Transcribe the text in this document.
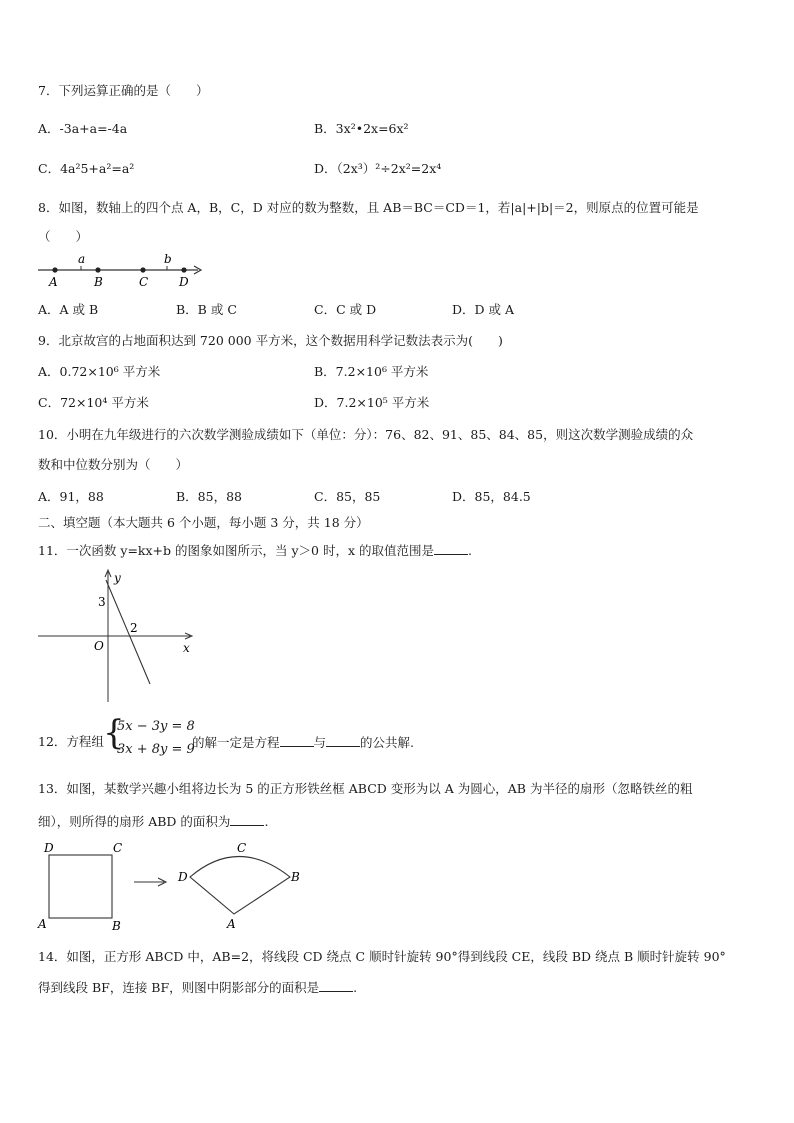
7．下列运算正确的是（　　）
A．-3a+a=-4a	B．3x²•2x=6x²
C．4a²5+a²=a²	D．（2x³）²÷2x²=2x⁴
8．如图，数轴上的四个点 A，B，C，D 对应的数为整数，且 AB＝BC＝CD＝1，若|a|+|b|＝2，则原点的位置可能是
（　　）
a	b
A	B	C	D
A．A 或 B	B．B 或 C	C．C 或 D	D．D 或 A
9．北京故宫的占地面积达到 720 000 平方米，这个数据用科学记数法表示为(　　)
A．0.72×10⁶ 平方米	B．7.2×10⁶ 平方米
C．72×10⁴ 平方米	D．7.2×10⁵ 平方米
10．小明在九年级进行的六次数学测验成绩如下（单位：分）：76、82、91、85、84、85，则这次数学测验成绩的众
数和中位数分别为（　　）
A．91，88	B．85，88	C．85，85	D．85，84.5
二、填空题（本大题共 6 个小题，每小题 3 分，共 18 分）
11．一次函数 y=kx+b 的图象如图所示，当 y＞0 时，x 的取值范围是	.
y
x
O
3
2
12．方程组 {
5x − 3y = 8
3x + 8y = 9
的解一定是方程	与	的公共解.
13．如图，某数学兴趣小组将边长为 5 的正方形铁丝框 ABCD 变形为以 A 为圆心，AB 为半径的扇形（忽略铁丝的粗
细），则所得的扇形 ABD 的面积为	.
D	C
A	B
C
D	B
A
14．如图，正方形 ABCD 中，AB=2，将线段 CD 绕点 C 顺时针旋转 90°得到线段 CE，线段 BD 绕点 B 顺时针旋转 90°
得到线段 BF，连接 BF，则图中阴影部分的面积是	.
